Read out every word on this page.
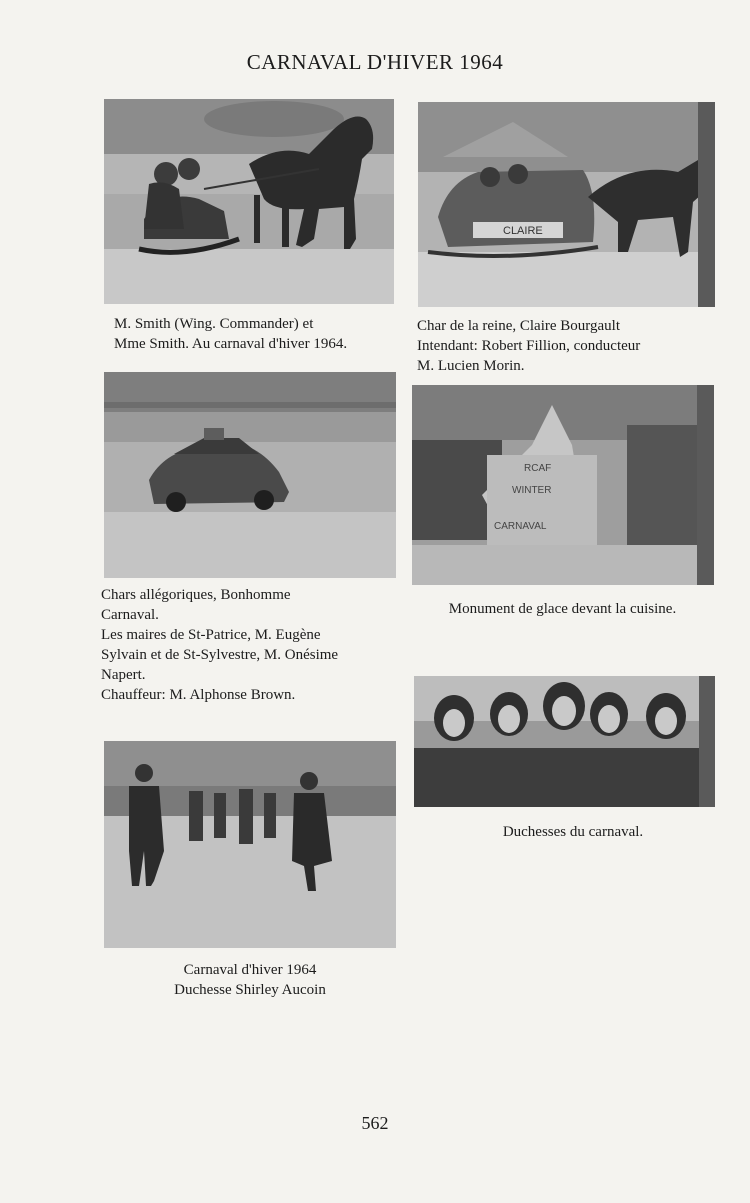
CARNAVAL D'HIVER 1964

M. Smith (Wing. Commander) et

Mme Smith. Au carnaval d'hiver 1964.

CLAIRE

Char de la reine, Claire Bourgault

Intendant: Robert Fillion, conducteur

M. Lucien Morin.

Chars allégoriques, Bonhomme

Carnaval.

Les maires de St-Patrice, M. Eugène

Sylvain et de St-Sylvestre, M. Onésime

Napert.

Chauffeur: M. Alphonse Brown.

RCAF
WINTER
CARNAVAL

Monument de glace devant la cuisine.

Duchesses du carnaval.

Carnaval d'hiver 1964

Duchesse Shirley Aucoin

562
